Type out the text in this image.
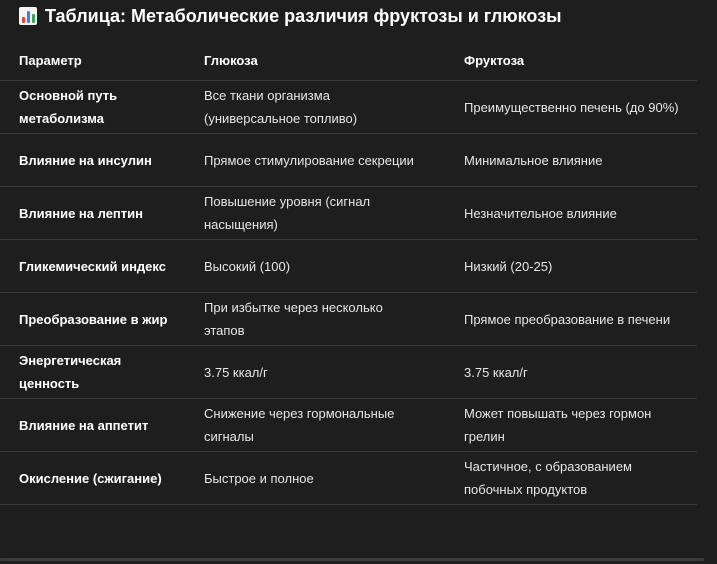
Таблица: Метаболические различия фруктозы и глюкозы
Параметр	Глюкоза	Фруктоза
Основной путь метаболизма	Все ткани организма (универсальное топливо)	Преимущественно печень (до 90%)
Влияние на инсулин	Прямое стимулирование секреции	Минимальное влияние
Влияние на лептин	Повышение уровня (сигнал насыщения)	Незначительное влияние
Гликемический индекс	Высокий (100)	Низкий (20-25)
Преобразование в жир	При избытке через несколько этапов	Прямое преобразование в печени
Энергетическая ценность	3.75 ккал/г	3.75 ккал/г
Влияние на аппетит	Снижение через гормональные сигналы	Может повышать через гормон грелин
Окисление (сжигание)	Быстрое и полное	Частичное, с образованием побочных продуктов
